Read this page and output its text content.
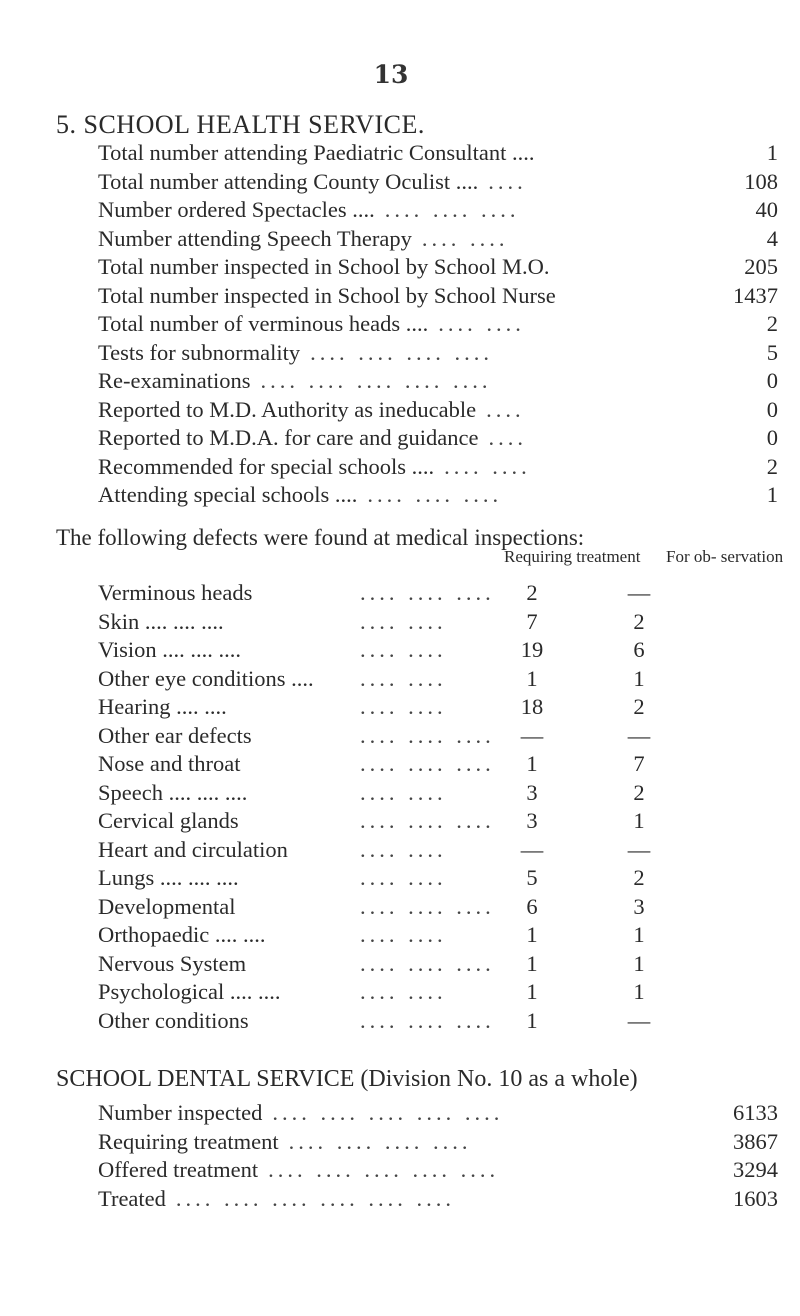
13
5. SCHOOL HEALTH SERVICE.
Total number attending Paediatric Consultant ....	1
Total number attending County Oculist .... ....	108
Number ordered Spectacles .... .... .... ....	40
Number attending Speech Therapy .... ....	4
Total number inspected in School by School M.O.	205
Total number inspected in School by School Nurse	1437
Total number of verminous heads .... .... ....	2
Tests for subnormality .... .... .... ....	5
Re-examinations .... .... .... .... ....	0
Reported to M.D. Authority as ineducable ....	0
Reported to M.D.A. for care and guidance ....	0
Recommended for special schools .... .... ....	2
Attending special schools .... .... .... ....	1
The following defects were found at medical inspections:
Requiring treatment For ob- servation
Verminous heads	.... .... ....	2	—
Skin .... .... ....	.... ....	7	2
Vision .... .... ....	.... ....	19	6
Other eye conditions ....	.... ....	1	1
Hearing .... ....	.... ....	18	2
Other ear defects	.... .... ....	—	—
Nose and throat	.... .... ....	1	7
Speech .... .... ....	.... ....	3	2
Cervical glands	.... .... ....	3	1
Heart and circulation	.... ....	—	—
Lungs .... .... ....	.... ....	5	2
Developmental	.... .... ....	6	3
Orthopaedic .... ....	.... ....	1	1
Nervous System	.... .... ....	1	1
Psychological .... ....	.... ....	1	1
Other conditions	.... .... ....	1	—
SCHOOL DENTAL SERVICE (Division No. 10 as a whole)
Number inspected .... .... .... .... ....	6133
Requiring treatment .... .... .... ....	3867
Offered treatment .... .... .... .... ....	3294
Treated .... .... .... .... .... ....	1603
